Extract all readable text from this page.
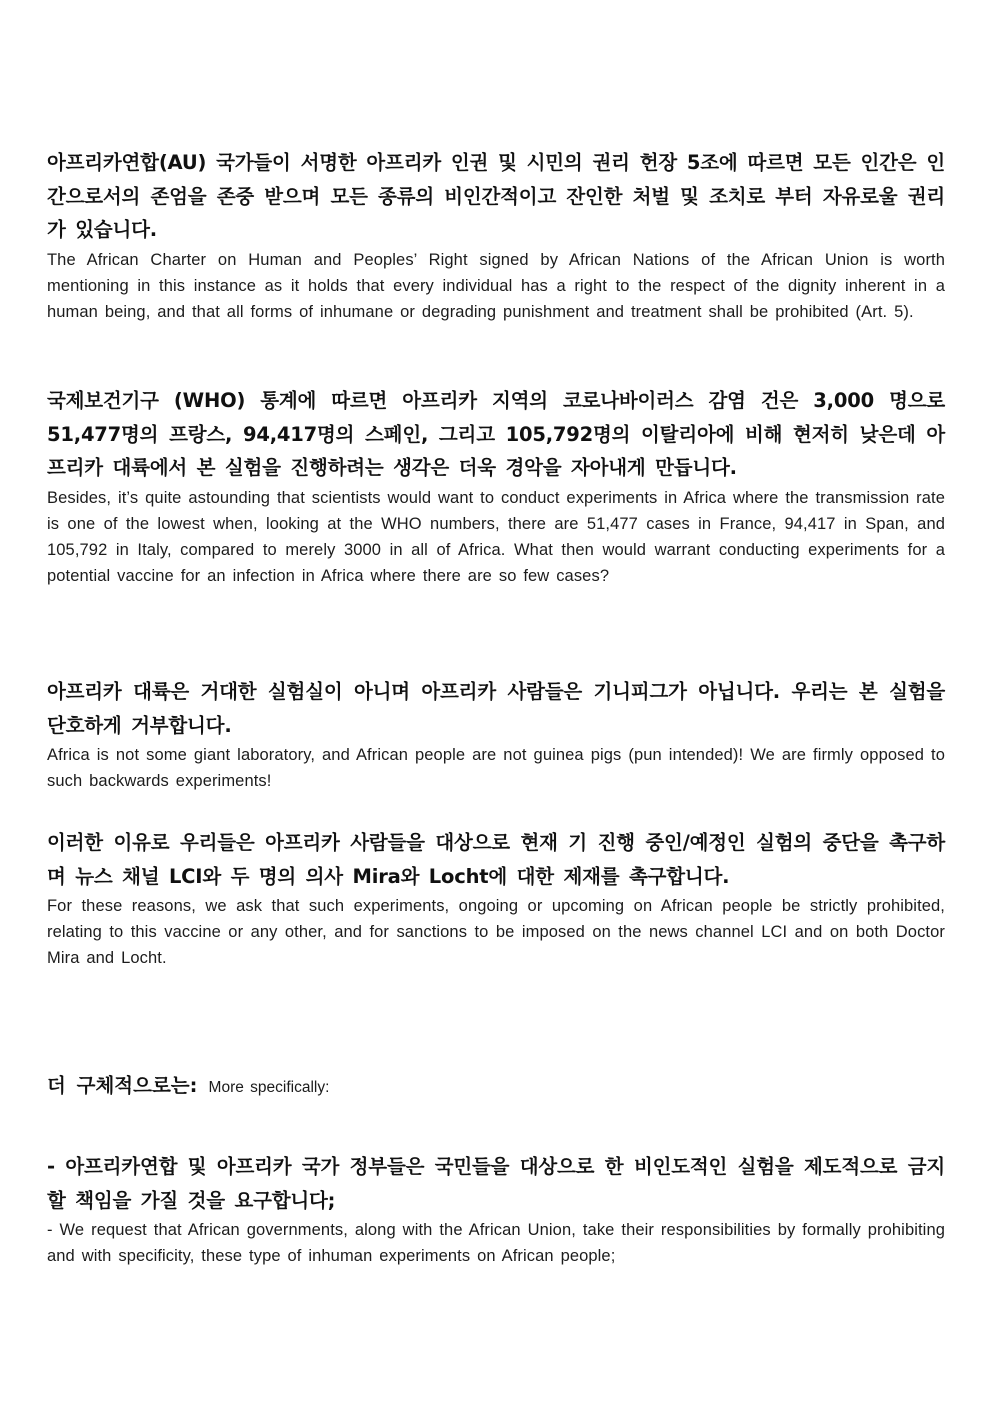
아프리카연합(AU) 국가들이 서명한 아프리카 인권 및 시민의 권리 헌장 5조에 따르면 모든 인간은 인간으로서의 존엄을 존중 받으며 모든 종류의 비인간적이고 잔인한 처벌 및 조치로 부터 자유로울 권리가 있습니다.
The African Charter on Human and Peoples’ Right signed by African Nations of the African Union is worth mentioning in this instance as it holds that every individual has a right to the respect of the dignity inherent in a human being, and that all forms of inhumane or degrading punishment and treatment shall be prohibited (Art. 5).
국제보건기구 (WHO) 통계에 따르면 아프리카 지역의 코로나바이러스 감염 건은 3,000 명으로 51,477명의 프랑스, 94,417명의 스페인, 그리고 105,792명의 이탈리아에 비해 현저히 낮은데 아프리카 대륙에서 본 실험을 진행하려는 생각은 더욱 경악을 자아내게 만듭니다.
Besides, it’s quite astounding that scientists would want to conduct experiments in Africa where the transmission rate is one of the lowest when, looking at the WHO numbers, there are 51,477 cases in France, 94,417 in Span, and 105,792 in Italy, compared to merely 3000 in all of Africa. What then would warrant conducting experiments for a potential vaccine for an infection in Africa where there are so few cases?
아프리카 대륙은 거대한 실험실이 아니며 아프리카 사람들은 기니피그가 아닙니다. 우리는 본 실험을 단호하게 거부합니다.
Africa is not some giant laboratory, and African people are not guinea pigs (pun intended)! We are firmly opposed to such backwards experiments!
이러한 이유로 우리들은 아프리카 사람들을 대상으로 현재 기 진행 중인/예정인 실험의 중단을 촉구하며 뉴스 채널 LCI와 두 명의 의사 Mira와 Locht에 대한 제재를 촉구합니다.
For these reasons, we ask that such experiments, ongoing or upcoming on African people be strictly prohibited, relating to this vaccine or any other, and for sanctions to be imposed on the news channel LCI and on both Doctor Mira and Locht.
더 구체적으로는: More specifically:
- 아프리카연합 및 아프리카 국가 정부들은 국민들을 대상으로 한 비인도적인 실험을 제도적으로 금지할 책임을 가질 것을 요구합니다;
- We request that African governments, along with the African Union, take their responsibilities by formally prohibiting and with specificity, these type of inhuman experiments on African people;
